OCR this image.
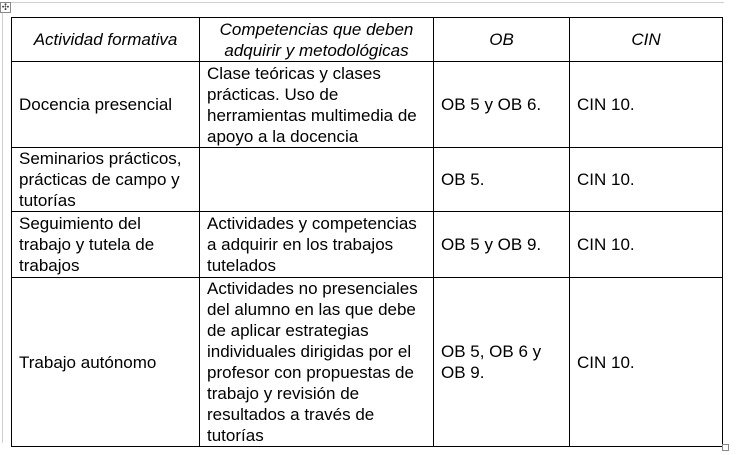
✣
Actividad formativa	Competencias que deben adquirir y metodológicas	OB	CIN
Docencia presencial	Clase teóricas y clases prácticas. Uso de herramientas multimedia de apoyo a la docencia	OB 5 y OB 6.	CIN 10.
Seminarios prácticos, prácticas de campo y tutorías		OB 5.	CIN 10.
Seguimiento del trabajo y tutela de trabajos	Actividades y competencias a adquirir en los trabajos tutelados	OB 5 y OB 9.	CIN 10.
Trabajo autónomo	Actividades no presenciales del alumno en las que debe de aplicar estrategias individuales dirigidas por el profesor con propuestas de trabajo y revisión de resultados a través de tutorías	OB 5, OB 6 y OB 9.	CIN 10.
